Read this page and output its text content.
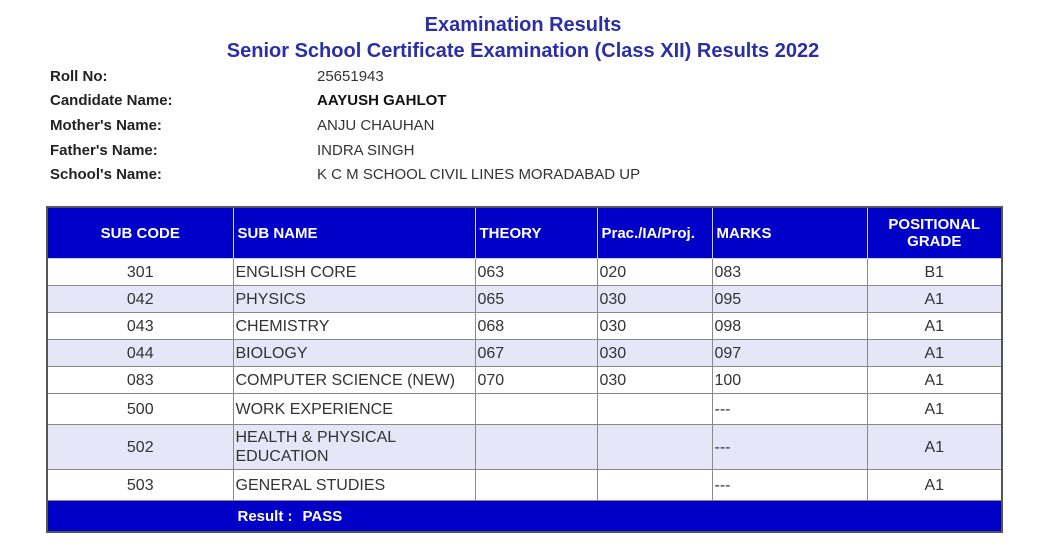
Examination Results
Senior School Certificate Examination (Class XII) Results 2022
Roll No:	25651943
Candidate Name:	AAYUSH GAHLOT
Mother's Name:	ANJU CHAUHAN
Father's Name:	INDRA SINGH
School's Name:	K C M SCHOOL CIVIL LINES MORADABAD UP
SUB CODE	SUB NAME	THEORY	Prac./IA/Proj.	MARKS	POSITIONAL GRADE
301	ENGLISH CORE	063	020	083	B1
042	PHYSICS	065	030	095	A1
043	CHEMISTRY	068	030	098	A1
044	BIOLOGY	067	030	097	A1
083	COMPUTER SCIENCE (NEW)	070	030	100	A1
500	WORK EXPERIENCE			---	A1
502	HEALTH & PHYSICAL EDUCATION			---	A1
503	GENERAL STUDIES			---	A1
	Result : PASS				
